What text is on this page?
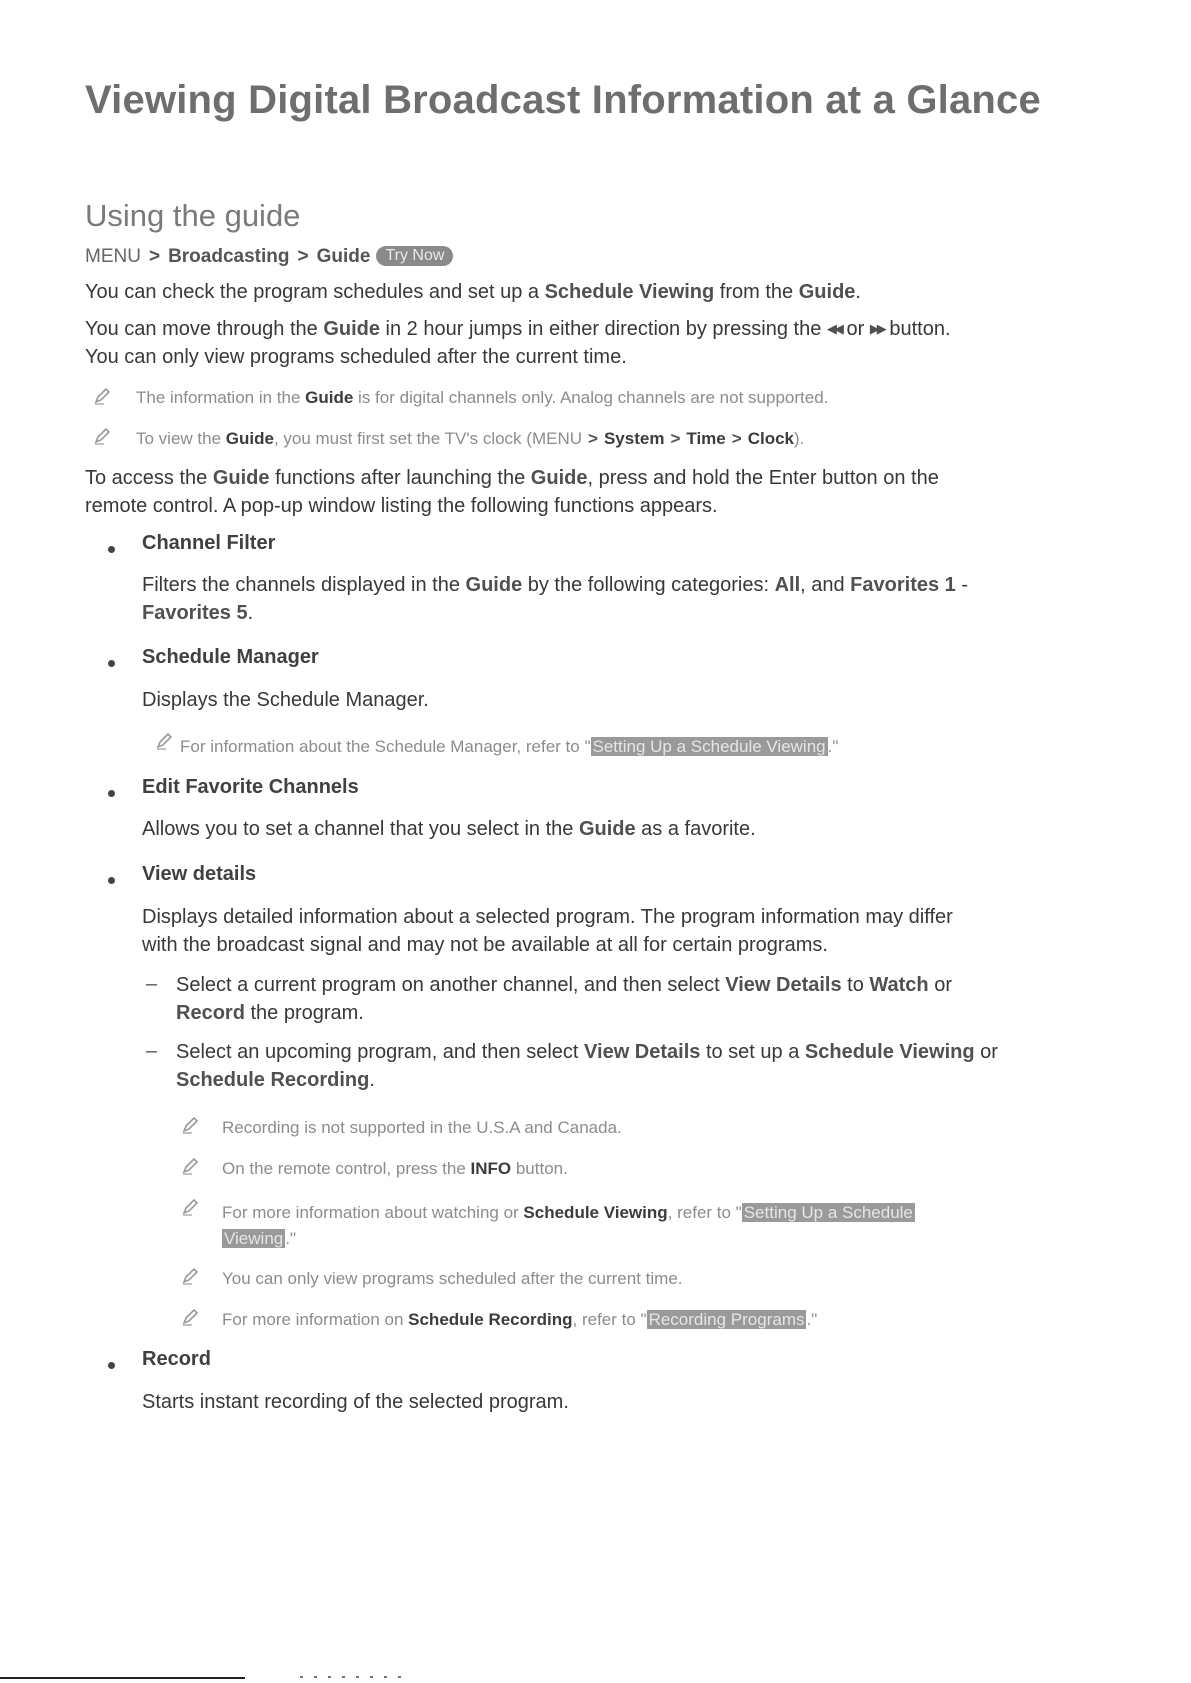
Viewing Digital Broadcast Information at a Glance
Using the guide
MENU > Broadcasting > Guide Try Now
You can check the program schedules and set up a Schedule Viewing from the Guide.
You can move through the Guide in 2 hour jumps in either direction by pressing the ◀◀ or ▶▶ button.
You can only view programs scheduled after the current time.
The information in the Guide is for digital channels only. Analog channels are not supported.
To view the Guide, you must first set the TV's clock (MENU > System > Time > Clock).
To access the Guide functions after launching the Guide, press and hold the Enter button on the
remote control. A pop-up window listing the following functions appears.
Channel Filter
Filters the channels displayed in the Guide by the following categories: All, and Favorites 1 -
Favorites 5.
Schedule Manager
Displays the Schedule Manager.
For information about the Schedule Manager, refer to " Setting Up a Schedule Viewing ."
Edit Favorite Channels
Allows you to set a channel that you select in the Guide as a favorite.
View details
Displays detailed information about a selected program. The program information may differ
with the broadcast signal and may not be available at all for certain programs.
– Select a current program on another channel, and then select View Details to Watch or
Record the program.
– Select an upcoming program, and then select View Details to set up a Schedule Viewing or
Schedule Recording.
Recording is not supported in the U.S.A and Canada.
On the remote control, press the INFO button.
For more information about watching or Schedule Viewing, refer to " Setting Up a Schedule
Viewing ."
You can only view programs scheduled after the current time.
For more information on Schedule Recording, refer to " Recording Programs ."
Record
Starts instant recording of the selected program.
